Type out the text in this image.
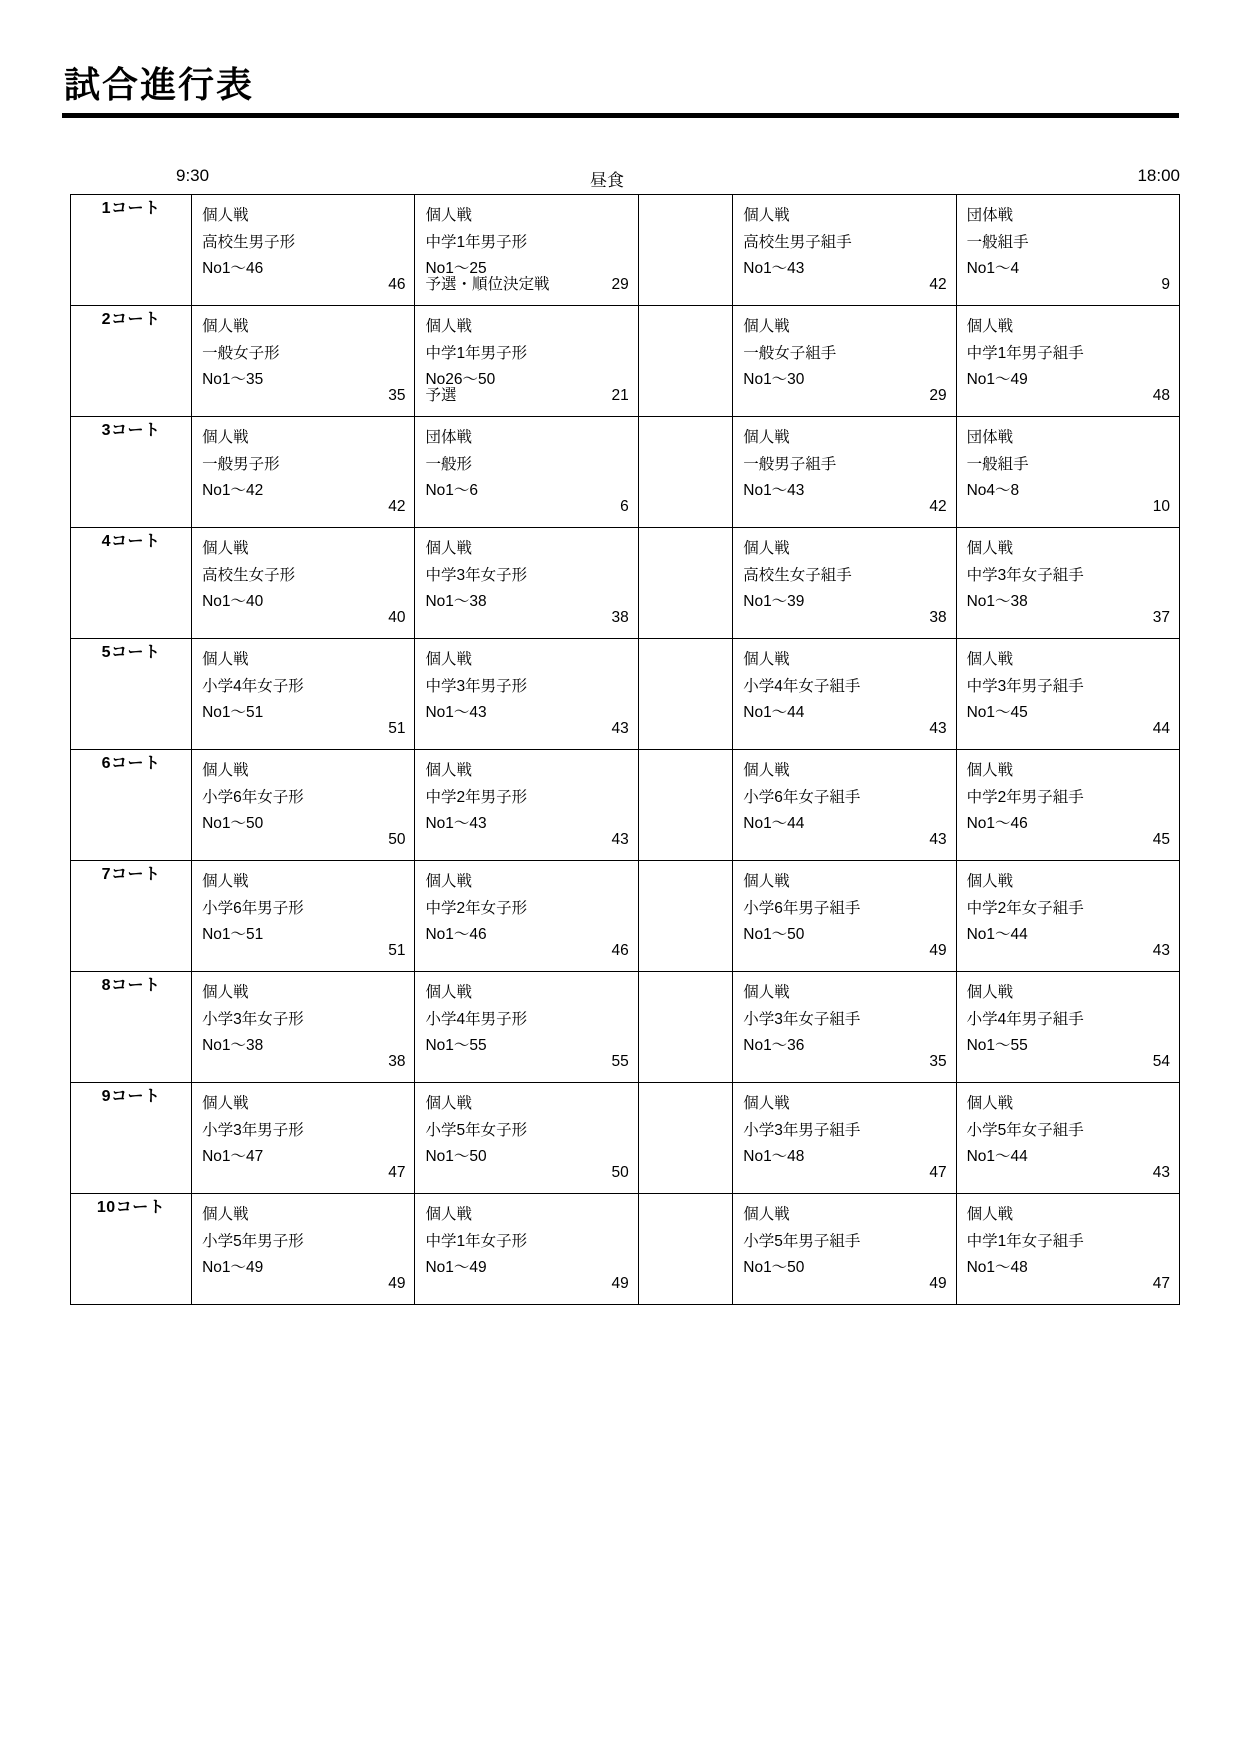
試合進行表
9:30	昼食	18:00
1コート	個人戦
高校生男子形
No1〜46
46

個人戦
中学1年男子形
No1〜25
予選・順位決定戦	29

個人戦
高校生男子組手
No1〜43
42

団体戦
一般組手
No1〜4
9

2コート	個人戦
一般女子形
No1〜35
35

個人戦
中学1年男子形
No26〜50
予選	21

個人戦
一般女子組手
No1〜30
29

個人戦
中学1年男子組手
No1〜49
48

3コート	個人戦
一般男子形
No1〜42
42

団体戦
一般形
No1〜6
6

個人戦
一般男子組手
No1〜43
42

団体戦
一般組手
No4〜8
10

4コート	個人戦
高校生女子形
No1〜40
40

個人戦
中学3年女子形
No1〜38
38

個人戦
高校生女子組手
No1〜39
38

個人戦
中学3年女子組手
No1〜38
37

5コート	個人戦
小学4年女子形
No1〜51
51

個人戦
中学3年男子形
No1〜43
43

個人戦
小学4年女子組手
No1〜44
43

個人戦
中学3年男子組手
No1〜45
44

6コート	個人戦
小学6年女子形
No1〜50
50

個人戦
中学2年男子形
No1〜43
43

個人戦
小学6年女子組手
No1〜44
43

個人戦
中学2年男子組手
No1〜46
45

7コート	個人戦
小学6年男子形
No1〜51
51

個人戦
中学2年女子形
No1〜46
46

個人戦
小学6年男子組手
No1〜50
49

個人戦
中学2年女子組手
No1〜44
43

8コート	個人戦
小学3年女子形
No1〜38
38

個人戦
小学4年男子形
No1〜55
55

個人戦
小学3年女子組手
No1〜36
35

個人戦
小学4年男子組手
No1〜55
54

9コート	個人戦
小学3年男子形
No1〜47
47

個人戦
小学5年女子形
No1〜50
50

個人戦
小学3年男子組手
No1〜48
47

個人戦
小学5年女子組手
No1〜44
43

10コート	個人戦
小学5年男子形
No1〜49
49

個人戦
中学1年女子形
No1〜49
49

個人戦
小学5年男子組手
No1〜50
49

個人戦
中学1年女子組手
No1〜48
47
